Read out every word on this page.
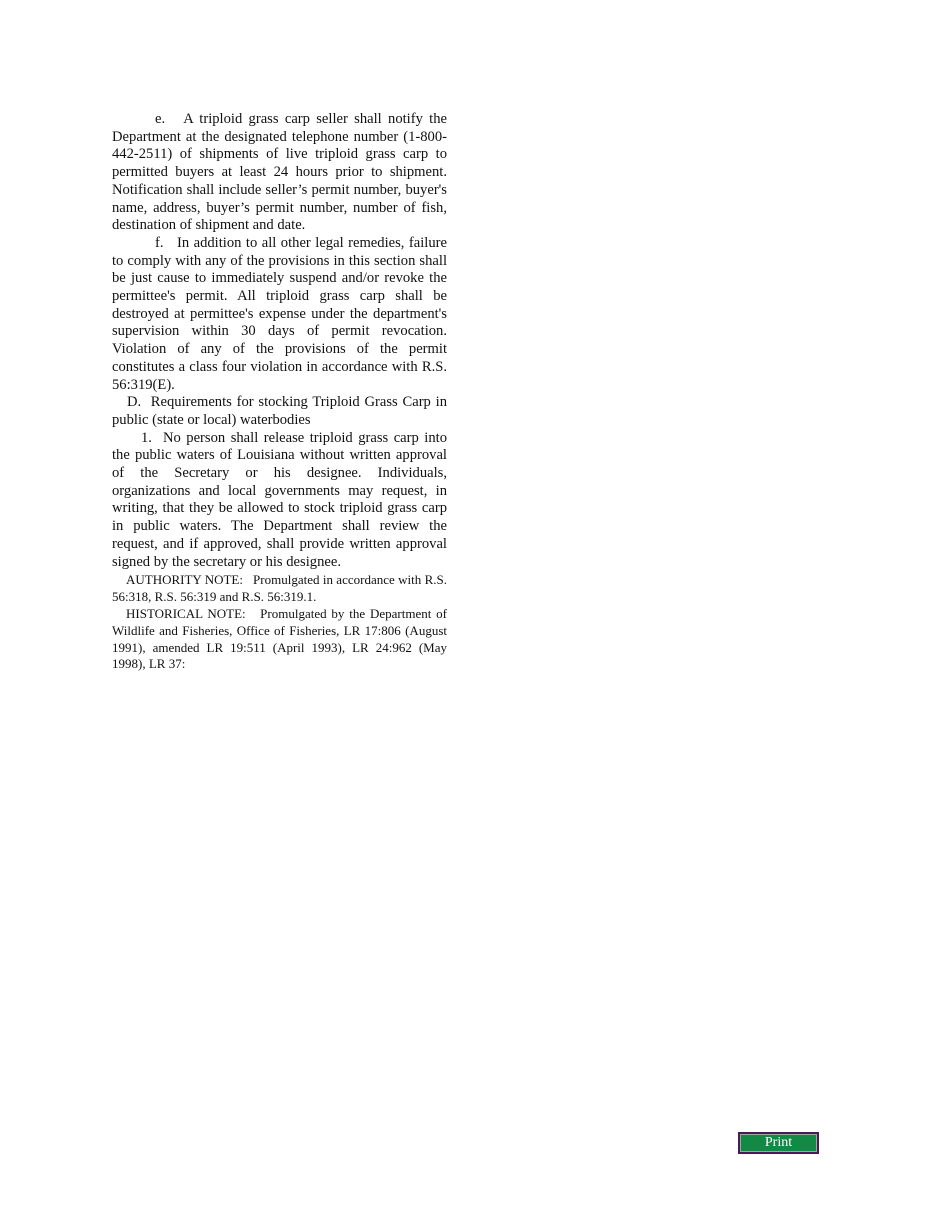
e. A triploid grass carp seller shall notify the Department at the designated telephone number (1-800-442-2511) of shipments of live triploid grass carp to permitted buyers at least 24 hours prior to shipment. Notification shall include seller’s permit number, buyer's name, address, buyer’s permit number, number of fish, destination of shipment and date.

f. In addition to all other legal remedies, failure to comply with any of the provisions in this section shall be just cause to immediately suspend and/or revoke the permittee's permit. All triploid grass carp shall be destroyed at permittee's expense under the department's supervision within 30 days of permit revocation. Violation of any of the provisions of the permit constitutes a class four violation in accordance with R.S. 56:319(E).

D. Requirements for stocking Triploid Grass Carp in public (state or local) waterbodies

1. No person shall release triploid grass carp into the public waters of Louisiana without written approval of the Secretary or his designee. Individuals, organizations and local governments may request, in writing, that they be allowed to stock triploid grass carp in public waters. The Department shall review the request, and if approved, shall provide written approval signed by the secretary or his designee.

AUTHORITY NOTE: Promulgated in accordance with R.S. 56:318, R.S. 56:319 and R.S. 56:319.1.

HISTORICAL NOTE: Promulgated by the Department of Wildlife and Fisheries, Office of Fisheries, LR 17:806 (August 1991), amended LR 19:511 (April 1993), LR 24:962 (May 1998), LR 37:

Print
